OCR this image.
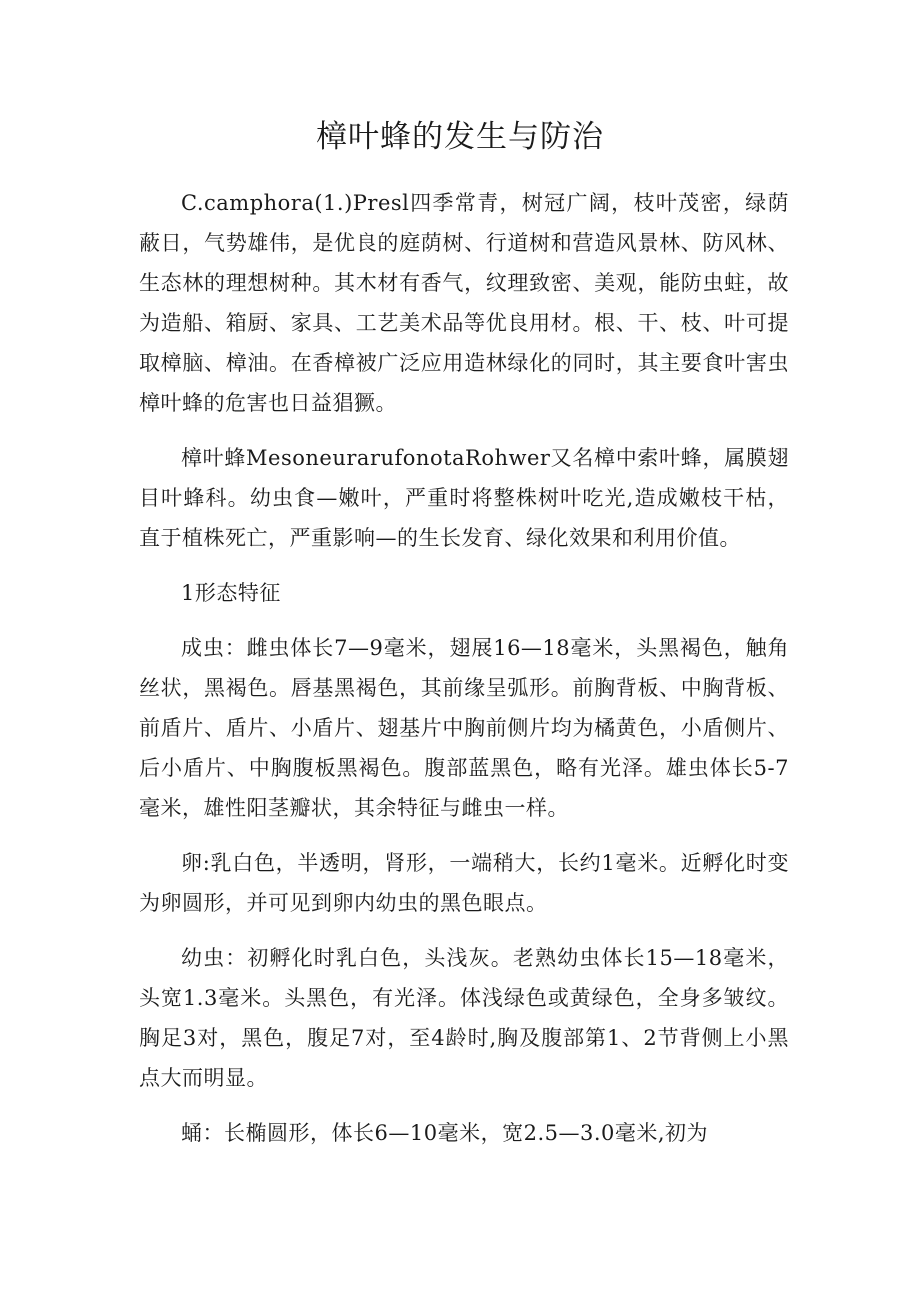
樟叶蜂的发生与防治

C.camphora(1.)Presl四季常青，树冠广阔，枝叶茂密，绿荫蔽日，气势雄伟，是优良的庭荫树、行道树和营造风景林、防风林、生态林的理想树种。其木材有香气，纹理致密、美观，能防虫蛀，故为造船、箱厨、家具、工艺美术品等优良用材。根、干、枝、叶可提取樟脑、樟油。在香樟被广泛应用造林绿化的同时，其主要食叶害虫樟叶蜂的危害也日益猖獗。

樟叶蜂MesoneurarufonotaRohwer又名樟中索叶蜂，属膜翅目叶蜂科。幼虫食—嫩叶，严重时将整株树叶吃光,造成嫩枝干枯，直于植株死亡，严重影响—的生长发育、绿化效果和利用价值。

1形态特征

成虫：雌虫体长7—9毫米，翅展16—18毫米，头黑褐色，触角丝状，黑褐色。唇基黑褐色，其前缘呈弧形。前胸背板、中胸背板、前盾片、盾片、小盾片、翅基片中胸前侧片均为橘黄色，小盾侧片、后小盾片、中胸腹板黑褐色。腹部蓝黑色，略有光泽。雄虫体长5-7毫米，雄性阳茎瓣状，其余特征与雌虫一样。

卵:乳白色，半透明，肾形，一端稍大，长约1毫米。近孵化时变为卵圆形，并可见到卵内幼虫的黑色眼点。

幼虫：初孵化时乳白色，头浅灰。老熟幼虫体长15—18毫米，头宽1.3毫米。头黑色，有光泽。体浅绿色或黄绿色，全身多皱纹。胸足3对，黑色，腹足7对，至4龄时,胸及腹部第1、2节背侧上小黑点大而明显。

蛹：长椭圆形，体长6—10毫米，宽2.5—3.0毫米,初为
